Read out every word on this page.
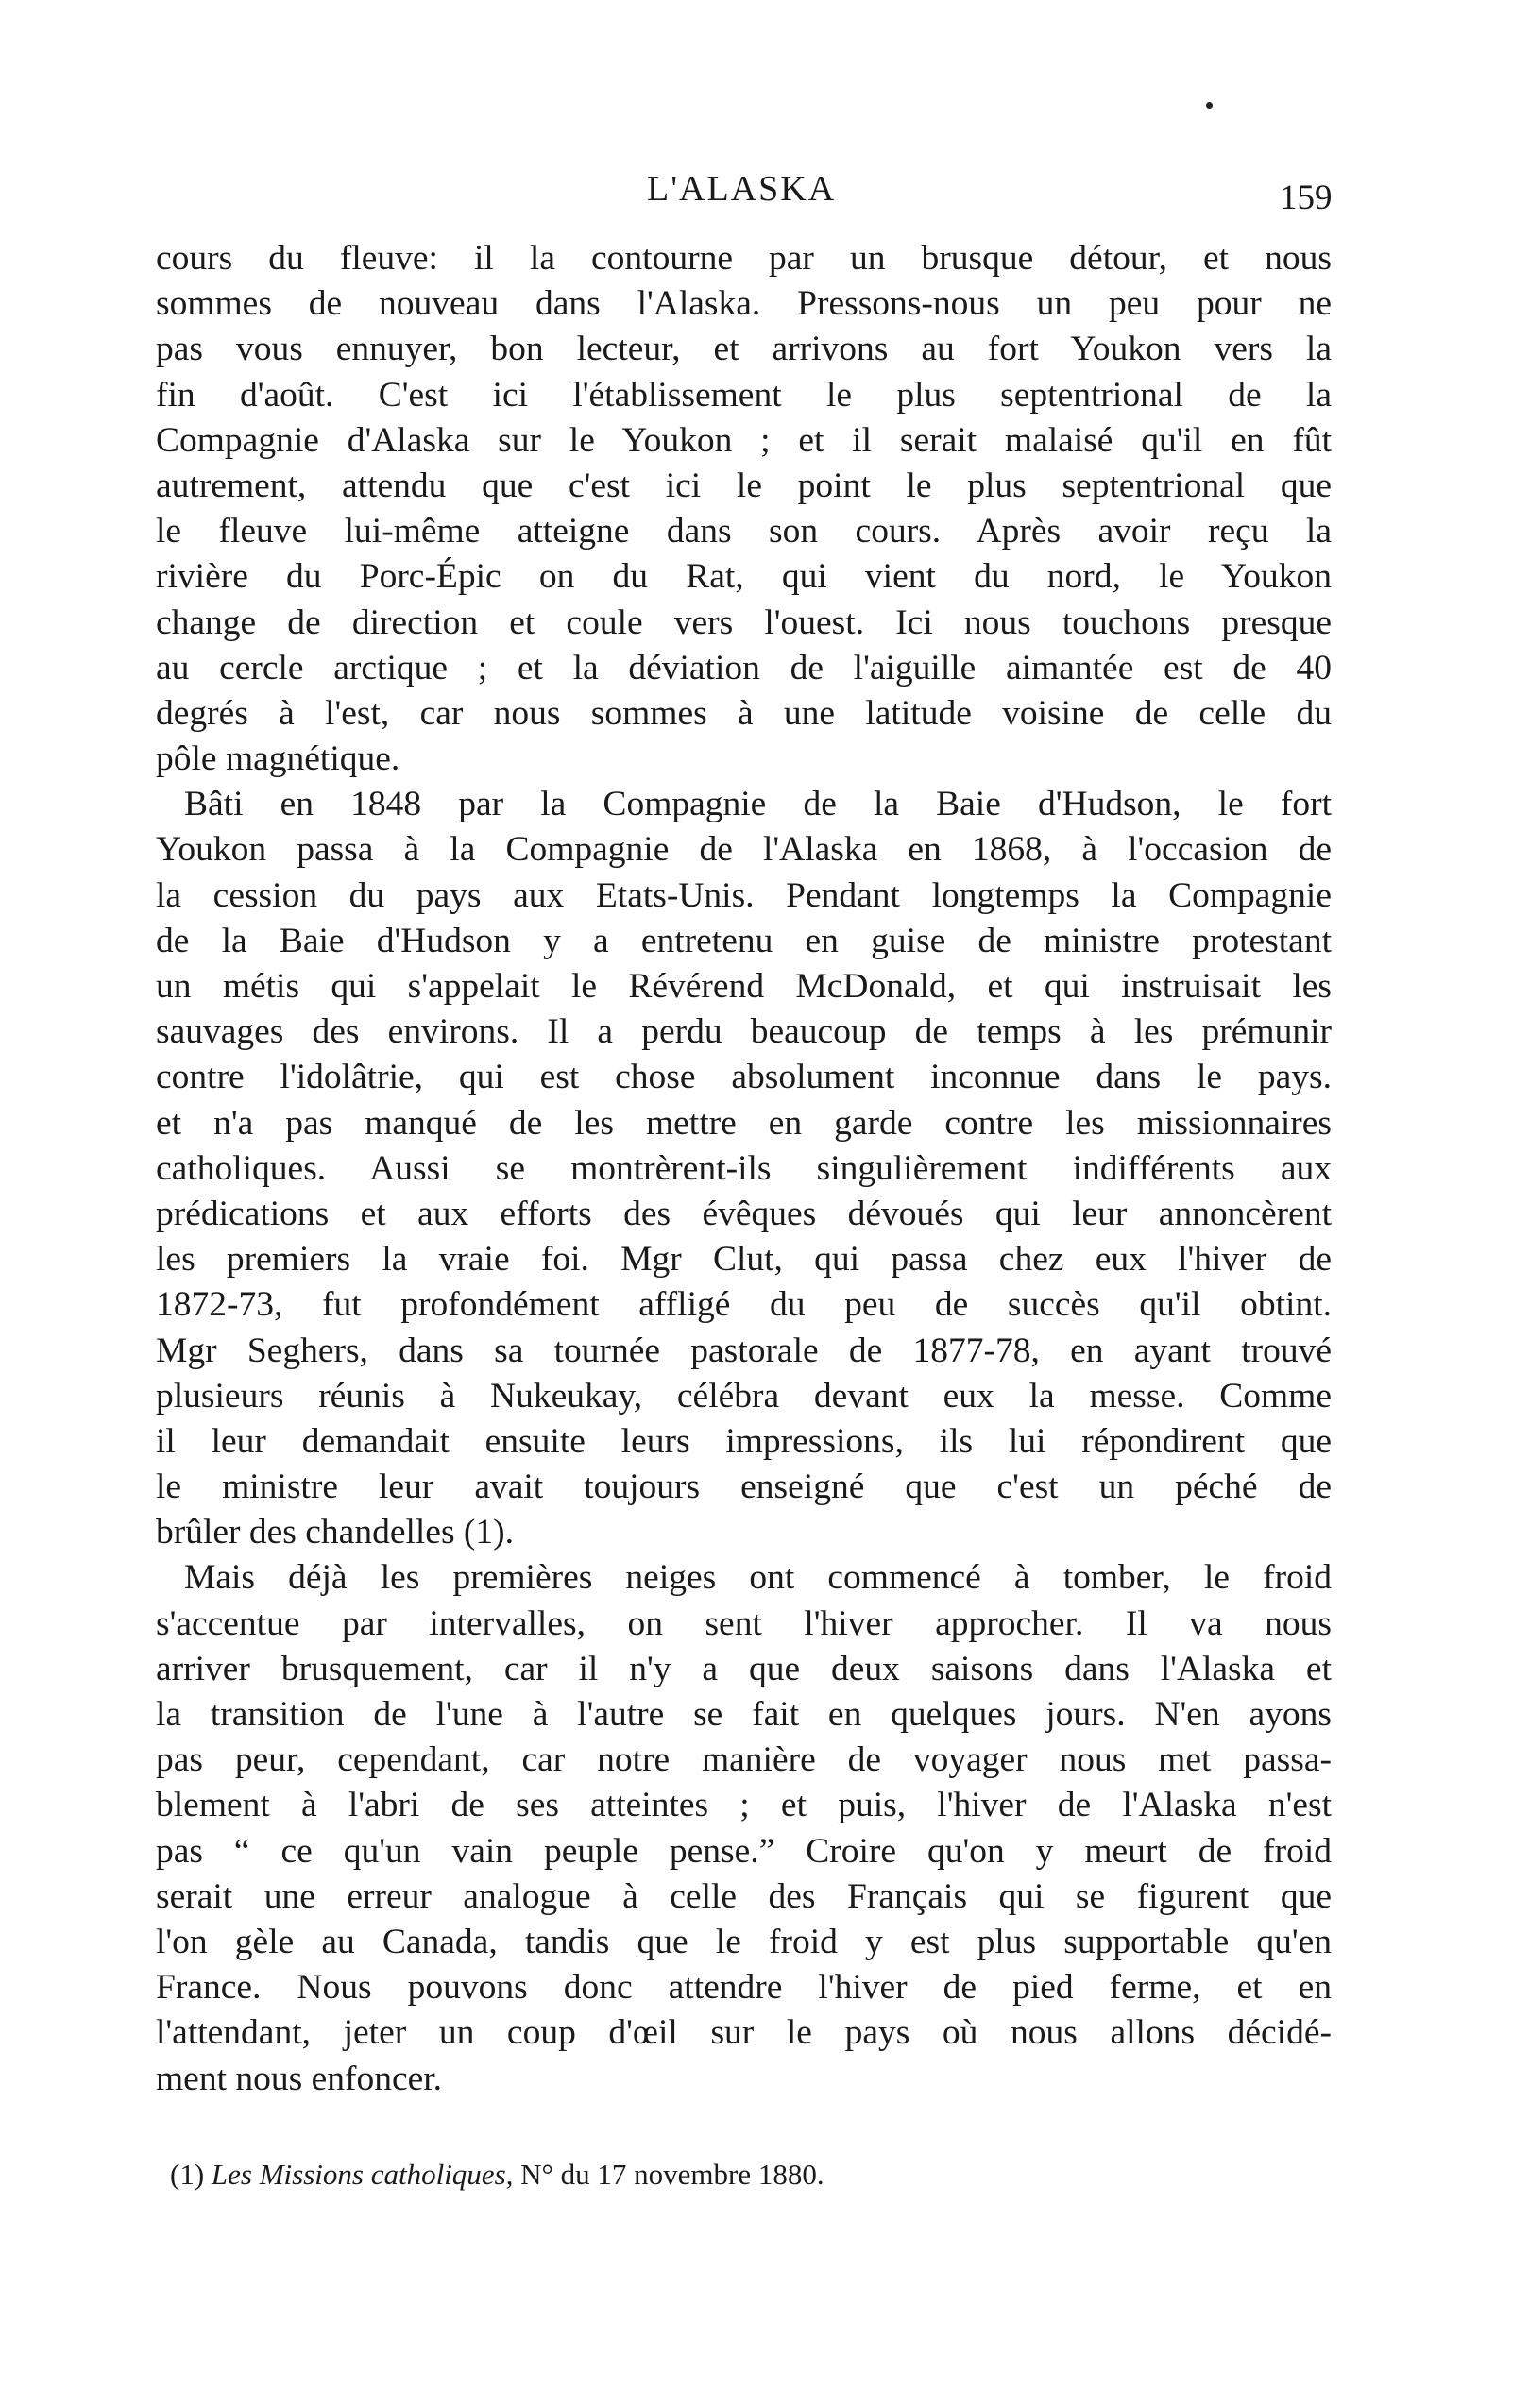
L'ALASKA	159
cours du fleuve: il la contourne par un brusque détour, et nous
sommes de nouveau dans l'Alaska. Pressons-nous un peu pour ne
pas vous ennuyer, bon lecteur, et arrivons au fort Youkon vers la
fin d'août. C'est ici l'établissement le plus septentrional de la
Compagnie d'Alaska sur le Youkon ; et il serait malaisé qu'il en fût
autrement, attendu que c'est ici le point le plus septentrional que
le fleuve lui-même atteigne dans son cours. Après avoir reçu la
rivière du Porc-Épic on du Rat, qui vient du nord, le Youkon
change de direction et coule vers l'ouest. Ici nous touchons presque
au cercle arctique ; et la déviation de l'aiguille aimantée est de 40
degrés à l'est, car nous sommes à une latitude voisine de celle du
pôle magnétique.
Bâti en 1848 par la Compagnie de la Baie d'Hudson, le fort
Youkon passa à la Compagnie de l'Alaska en 1868, à l'occasion de
la cession du pays aux Etats-Unis. Pendant longtemps la Compagnie
de la Baie d'Hudson y a entretenu en guise de ministre protestant
un métis qui s'appelait le Révérend McDonald, et qui instruisait les
sauvages des environs. Il a perdu beaucoup de temps à les prémunir
contre l'idolâtrie, qui est chose absolument inconnue dans le pays.
et n'a pas manqué de les mettre en garde contre les missionnaires
catholiques. Aussi se montrèrent-ils singulièrement indifférents aux
prédications et aux efforts des évêques dévoués qui leur annoncèrent
les premiers la vraie foi. Mgr Clut, qui passa chez eux l'hiver de
1872-73, fut profondément affligé du peu de succès qu'il obtint.
Mgr Seghers, dans sa tournée pastorale de 1877-78, en ayant trouvé
plusieurs réunis à Nukeukay, célébra devant eux la messe. Comme
il leur demandait ensuite leurs impressions, ils lui répondirent que
le ministre leur avait toujours enseigné que c'est un péché de
brûler des chandelles (1).
Mais déjà les premières neiges ont commencé à tomber, le froid
s'accentue par intervalles, on sent l'hiver approcher. Il va nous
arriver brusquement, car il n'y a que deux saisons dans l'Alaska et
la transition de l'une à l'autre se fait en quelques jours. N'en ayons
pas peur, cependant, car notre manière de voyager nous met passa-
blement à l'abri de ses atteintes ; et puis, l'hiver de l'Alaska n'est
pas “ ce qu'un vain peuple pense.” Croire qu'on y meurt de froid
serait une erreur analogue à celle des Français qui se figurent que
l'on gèle au Canada, tandis que le froid y est plus supportable qu'en
France. Nous pouvons donc attendre l'hiver de pied ferme, et en
l'attendant, jeter un coup d'œil sur le pays où nous allons décidé-
ment nous enfoncer.
(1) Les Missions catholiques, N° du 17 novembre 1880.
